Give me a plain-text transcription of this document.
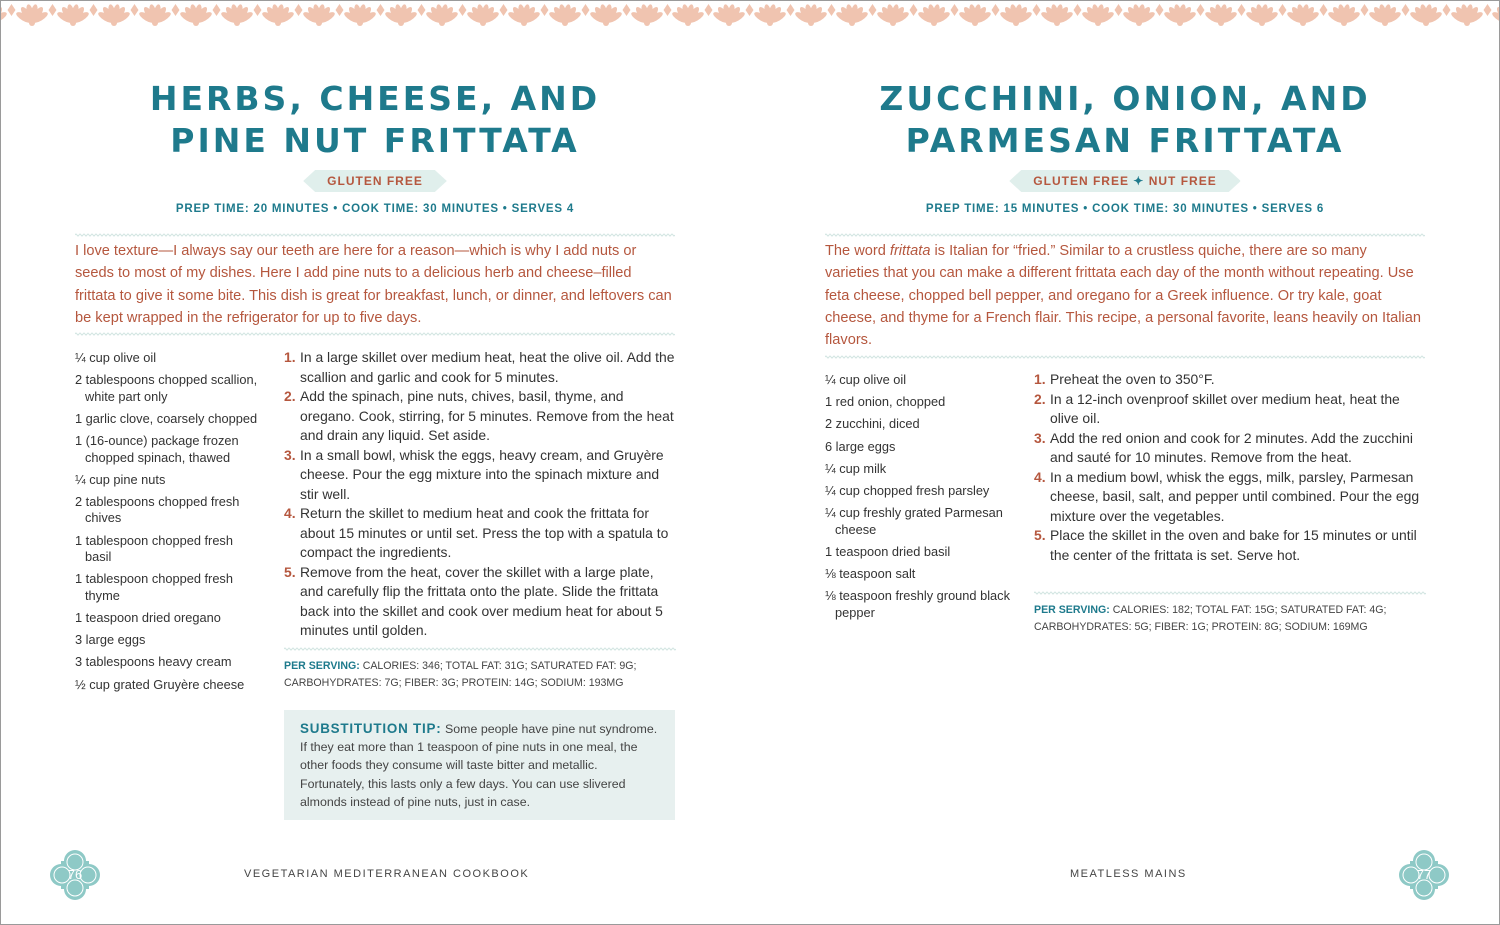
HERBS, CHEESE, AND
PINE NUT FRITTATA
GLUTEN FREE
PREP TIME: 20 MINUTES • COOK TIME: 30 MINUTES • SERVES 4

I love texture—I always say our teeth are here for a reason—which is why I add nuts or seeds to most of my dishes. Here I add pine nuts to a delicious herb and cheese–filled frittata to give it some bite. This dish is great for breakfast, lunch, or dinner, and leftovers can be kept wrapped in the refrigerator for up to five days.

¼ cup olive oil
2 tablespoons chopped scallion, white part only
1 garlic clove, coarsely chopped
1 (16-ounce) package frozen chopped spinach, thawed
¼ cup pine nuts
2 tablespoons chopped fresh chives
1 tablespoon chopped fresh basil
1 tablespoon chopped fresh thyme
1 teaspoon dried oregano
3 large eggs
3 tablespoons heavy cream
½ cup grated Gruyère cheese
1. In a large skillet over medium heat, heat the olive oil. Add the scallion and garlic and cook for 5 minutes.
2. Add the spinach, pine nuts, chives, basil, thyme, and oregano. Cook, stirring, for 5 minutes. Remove from the heat and drain any liquid. Set aside.
3. In a small bowl, whisk the eggs, heavy cream, and Gruyère cheese. Pour the egg mixture into the spinach mixture and stir well.
4. Return the skillet to medium heat and cook the frittata for about 15 minutes or until set. Press the top with a spatula to compact the ingredients.
5. Remove from the heat, cover the skillet with a large plate, and carefully flip the frittata onto the plate. Slide the frittata back into the skillet and cook over medium heat for about 5 minutes until golden.

PER SERVING: CALORIES: 346; TOTAL FAT: 31G; SATURATED FAT: 9G; CARBOHYDRATES: 7G; FIBER: 3G; PROTEIN: 14G; SODIUM: 193MG

SUBSTITUTION TIP: Some people have pine nut syndrome. If they eat more than 1 teaspoon of pine nuts in one meal, the other foods they consume will taste bitter and metallic. Fortunately, this lasts only a few days. You can use slivered almonds instead of pine nuts, just in case.
ZUCCHINI, ONION, AND
PARMESAN FRITTATA
GLUTEN FREE ✦ NUT FREE
PREP TIME: 15 MINUTES • COOK TIME: 30 MINUTES • SERVES 6

The word frittata is Italian for “fried.” Similar to a crustless quiche, there are so many varieties that you can make a different frittata each day of the month without repeating. Use feta cheese, chopped bell pepper, and oregano for a Greek influence. Or try kale, goat cheese, and thyme for a French flair. This recipe, a personal favorite, leans heavily on Italian flavors.

¼ cup olive oil
1 red onion, chopped
2 zucchini, diced
6 large eggs
¼ cup milk
¼ cup chopped fresh parsley
¼ cup freshly grated Parmesan cheese
1 teaspoon dried basil
⅛ teaspoon salt
⅛ teaspoon freshly ground black pepper
1. Preheat the oven to 350°F.
2. In a 12-inch ovenproof skillet over medium heat, heat the olive oil.
3. Add the red onion and cook for 2 minutes. Add the zucchini and sauté for 10 minutes. Remove from the heat.
4. In a medium bowl, whisk the eggs, milk, parsley, Parmesan cheese, basil, salt, and pepper until combined. Pour the egg mixture over the vegetables.
5. Place the skillet in the oven and bake for 15 minutes or until the center of the frittata is set. Serve hot.

PER SERVING: CALORIES: 182; TOTAL FAT: 15G; SATURATED FAT: 4G; CARBOHYDRATES: 5G; FIBER: 1G; PROTEIN: 8G; SODIUM: 169MG

76	VEGETARIAN MEDITERRANEAN COOKBOOK	MEATLESS MAINS	77
